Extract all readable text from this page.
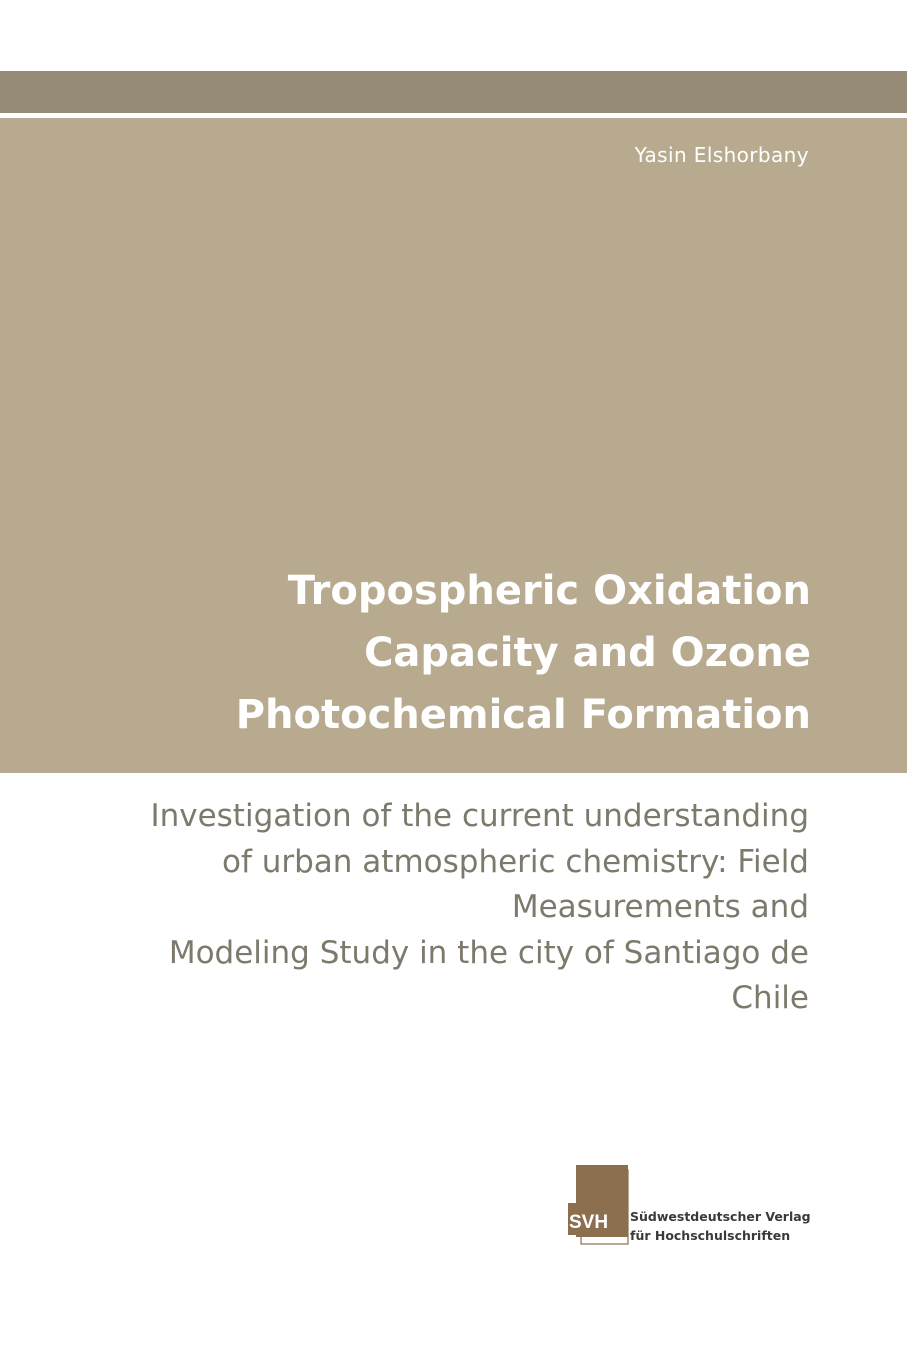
Yasin Elshorbany
Tropospheric Oxidation
Capacity and Ozone
Photochemical Formation
Investigation of the current understanding
of urban atmospheric chemistry: Field
Measurements and
Modeling Study in the city of Santiago de
Chile
SVH Südwestdeutscher Verlag
für Hochschulschriften
